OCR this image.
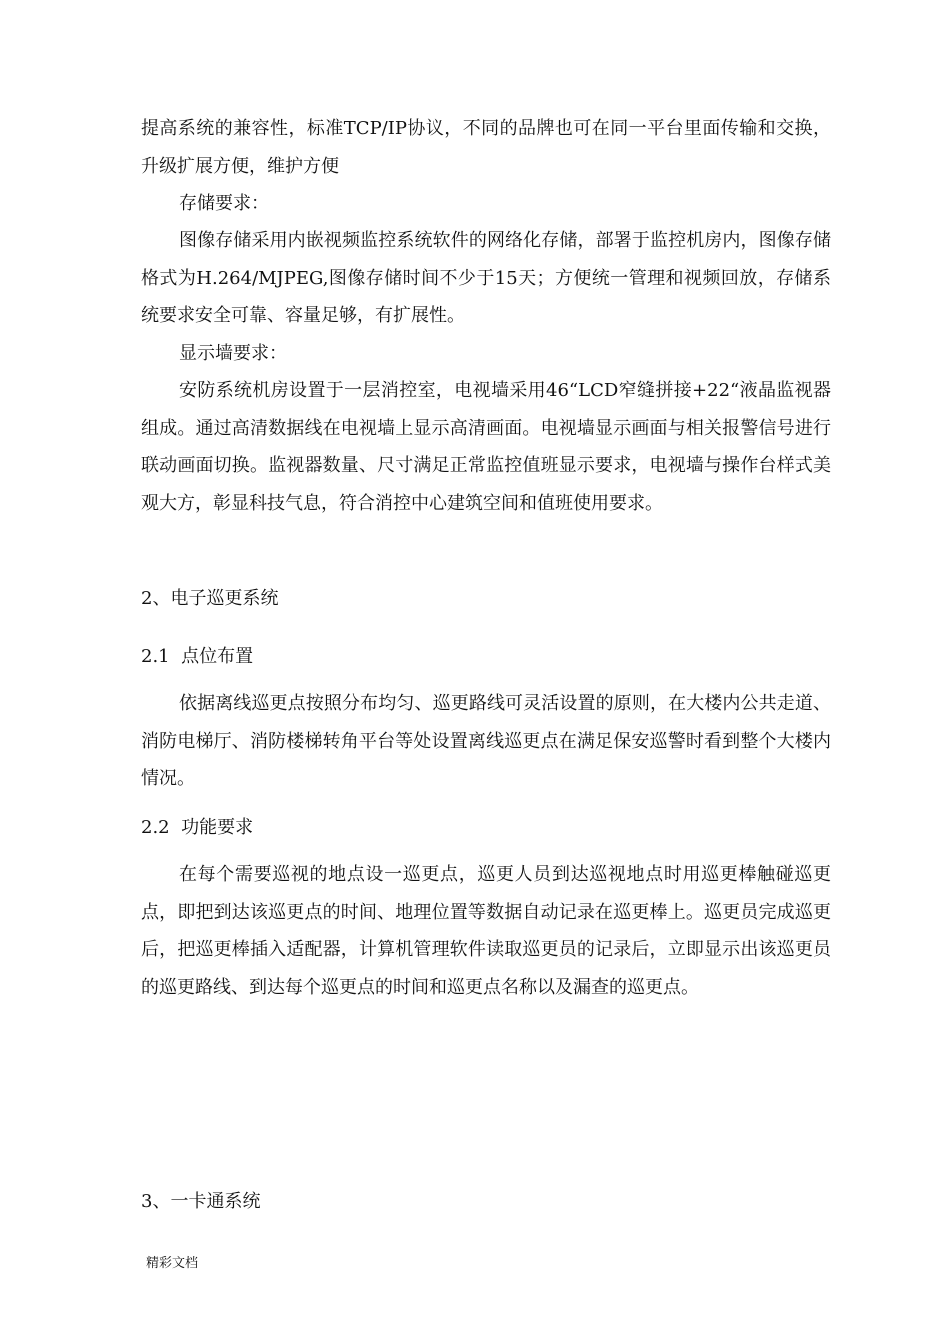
提高系统的兼容性，标准TCP/IP协议，不同的品牌也可在同一平台里面传输和交换，升级扩展方便，维护方便

存储要求：

图像存储采用内嵌视频监控系统软件的网络化存储，部署于监控机房内，图像存储格式为H.264/MJPEG,图像存储时间不少于15天；方便统一管理和视频回放，存储系统要求安全可靠、容量足够，有扩展性。

显示墙要求：

安防系统机房设置于一层消控室，电视墙采用46“LCD窄缝拼接+22“液晶监视器组成。通过高清数据线在电视墙上显示高清画面。电视墙显示画面与相关报警信号进行联动画面切换。监视器数量、尺寸满足正常监控值班显示要求，电视墙与操作台样式美观大方，彰显科技气息，符合消控中心建筑空间和值班使用要求。

2、电子巡更系统

2.1  点位布置

依据离线巡更点按照分布均匀、巡更路线可灵活设置的原则，在大楼内公共走道、消防电梯厅、消防楼梯转角平台等处设置离线巡更点在满足保安巡警时看到整个大楼内情况。

2.2  功能要求

在每个需要巡视的地点设一巡更点，巡更人员到达巡视地点时用巡更棒触碰巡更点，即把到达该巡更点的时间、地理位置等数据自动记录在巡更棒上。巡更员完成巡更后，把巡更棒插入适配器，计算机管理软件读取巡更员的记录后，立即显示出该巡更员的巡更路线、到达每个巡更点的时间和巡更点名称以及漏查的巡更点。

3、一卡通系统

精彩文档
